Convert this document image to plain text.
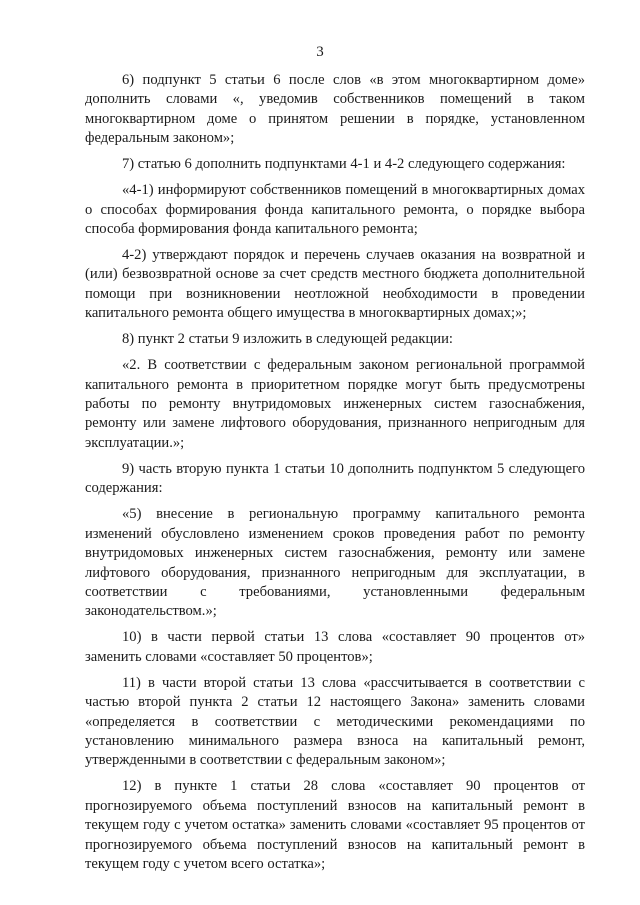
3

6) подпункт 5 статьи 6 после слов «в этом многоквартирном доме» дополнить словами «, уведомив собственников помещений в таком многоквартирном доме о принятом решении в порядке, установленном федеральным законом»;

7) статью 6 дополнить подпунктами 4-1 и 4-2 следующего содержания:

«4-1) информируют собственников помещений в многоквартирных домах о способах формирования фонда капитального ремонта, о порядке выбора способа формирования фонда капитального ремонта;

4-2) утверждают порядок и перечень случаев оказания на возвратной и (или) безвозвратной основе за счет средств местного бюджета дополнительной помощи при возникновении неотложной необходимости в проведении капитального ремонта общего имущества в многоквартирных домах;»;

8) пункт 2 статьи 9 изложить в следующей редакции:

«2. В соответствии с федеральным законом региональной программой капитального ремонта в приоритетном порядке могут быть предусмотрены работы по ремонту внутридомовых инженерных систем газоснабжения, ремонту или замене лифтового оборудования, признанного непригодным для эксплуатации.»;

9) часть вторую пункта 1 статьи 10 дополнить подпунктом 5 следующего содержания:

«5) внесение в региональную программу капитального ремонта изменений обусловлено изменением сроков проведения работ по ремонту внутридомовых инженерных систем газоснабжения, ремонту или замене лифтового оборудования, признанного непригодным для эксплуатации, в соответствии с требованиями, установленными федеральным законодательством.»;

10) в части первой статьи 13 слова «составляет 90 процентов от» заменить словами «составляет 50 процентов»;

11) в части второй статьи 13 слова «рассчитывается в соответствии с частью второй пункта 2 статьи 12 настоящего Закона» заменить словами «определяется в соответствии с методическими рекомендациями по установлению минимального размера взноса на капитальный ремонт, утвержденными в соответствии с федеральным законом»;

12) в пункте 1 статьи 28 слова «составляет 90 процентов от прогнозируемого объема поступлений взносов на капитальный ремонт в текущем году с учетом остатка» заменить словами «составляет 95 процентов от прогнозируемого объема поступлений взносов на капитальный ремонт в текущем году с учетом всего остатка»;
